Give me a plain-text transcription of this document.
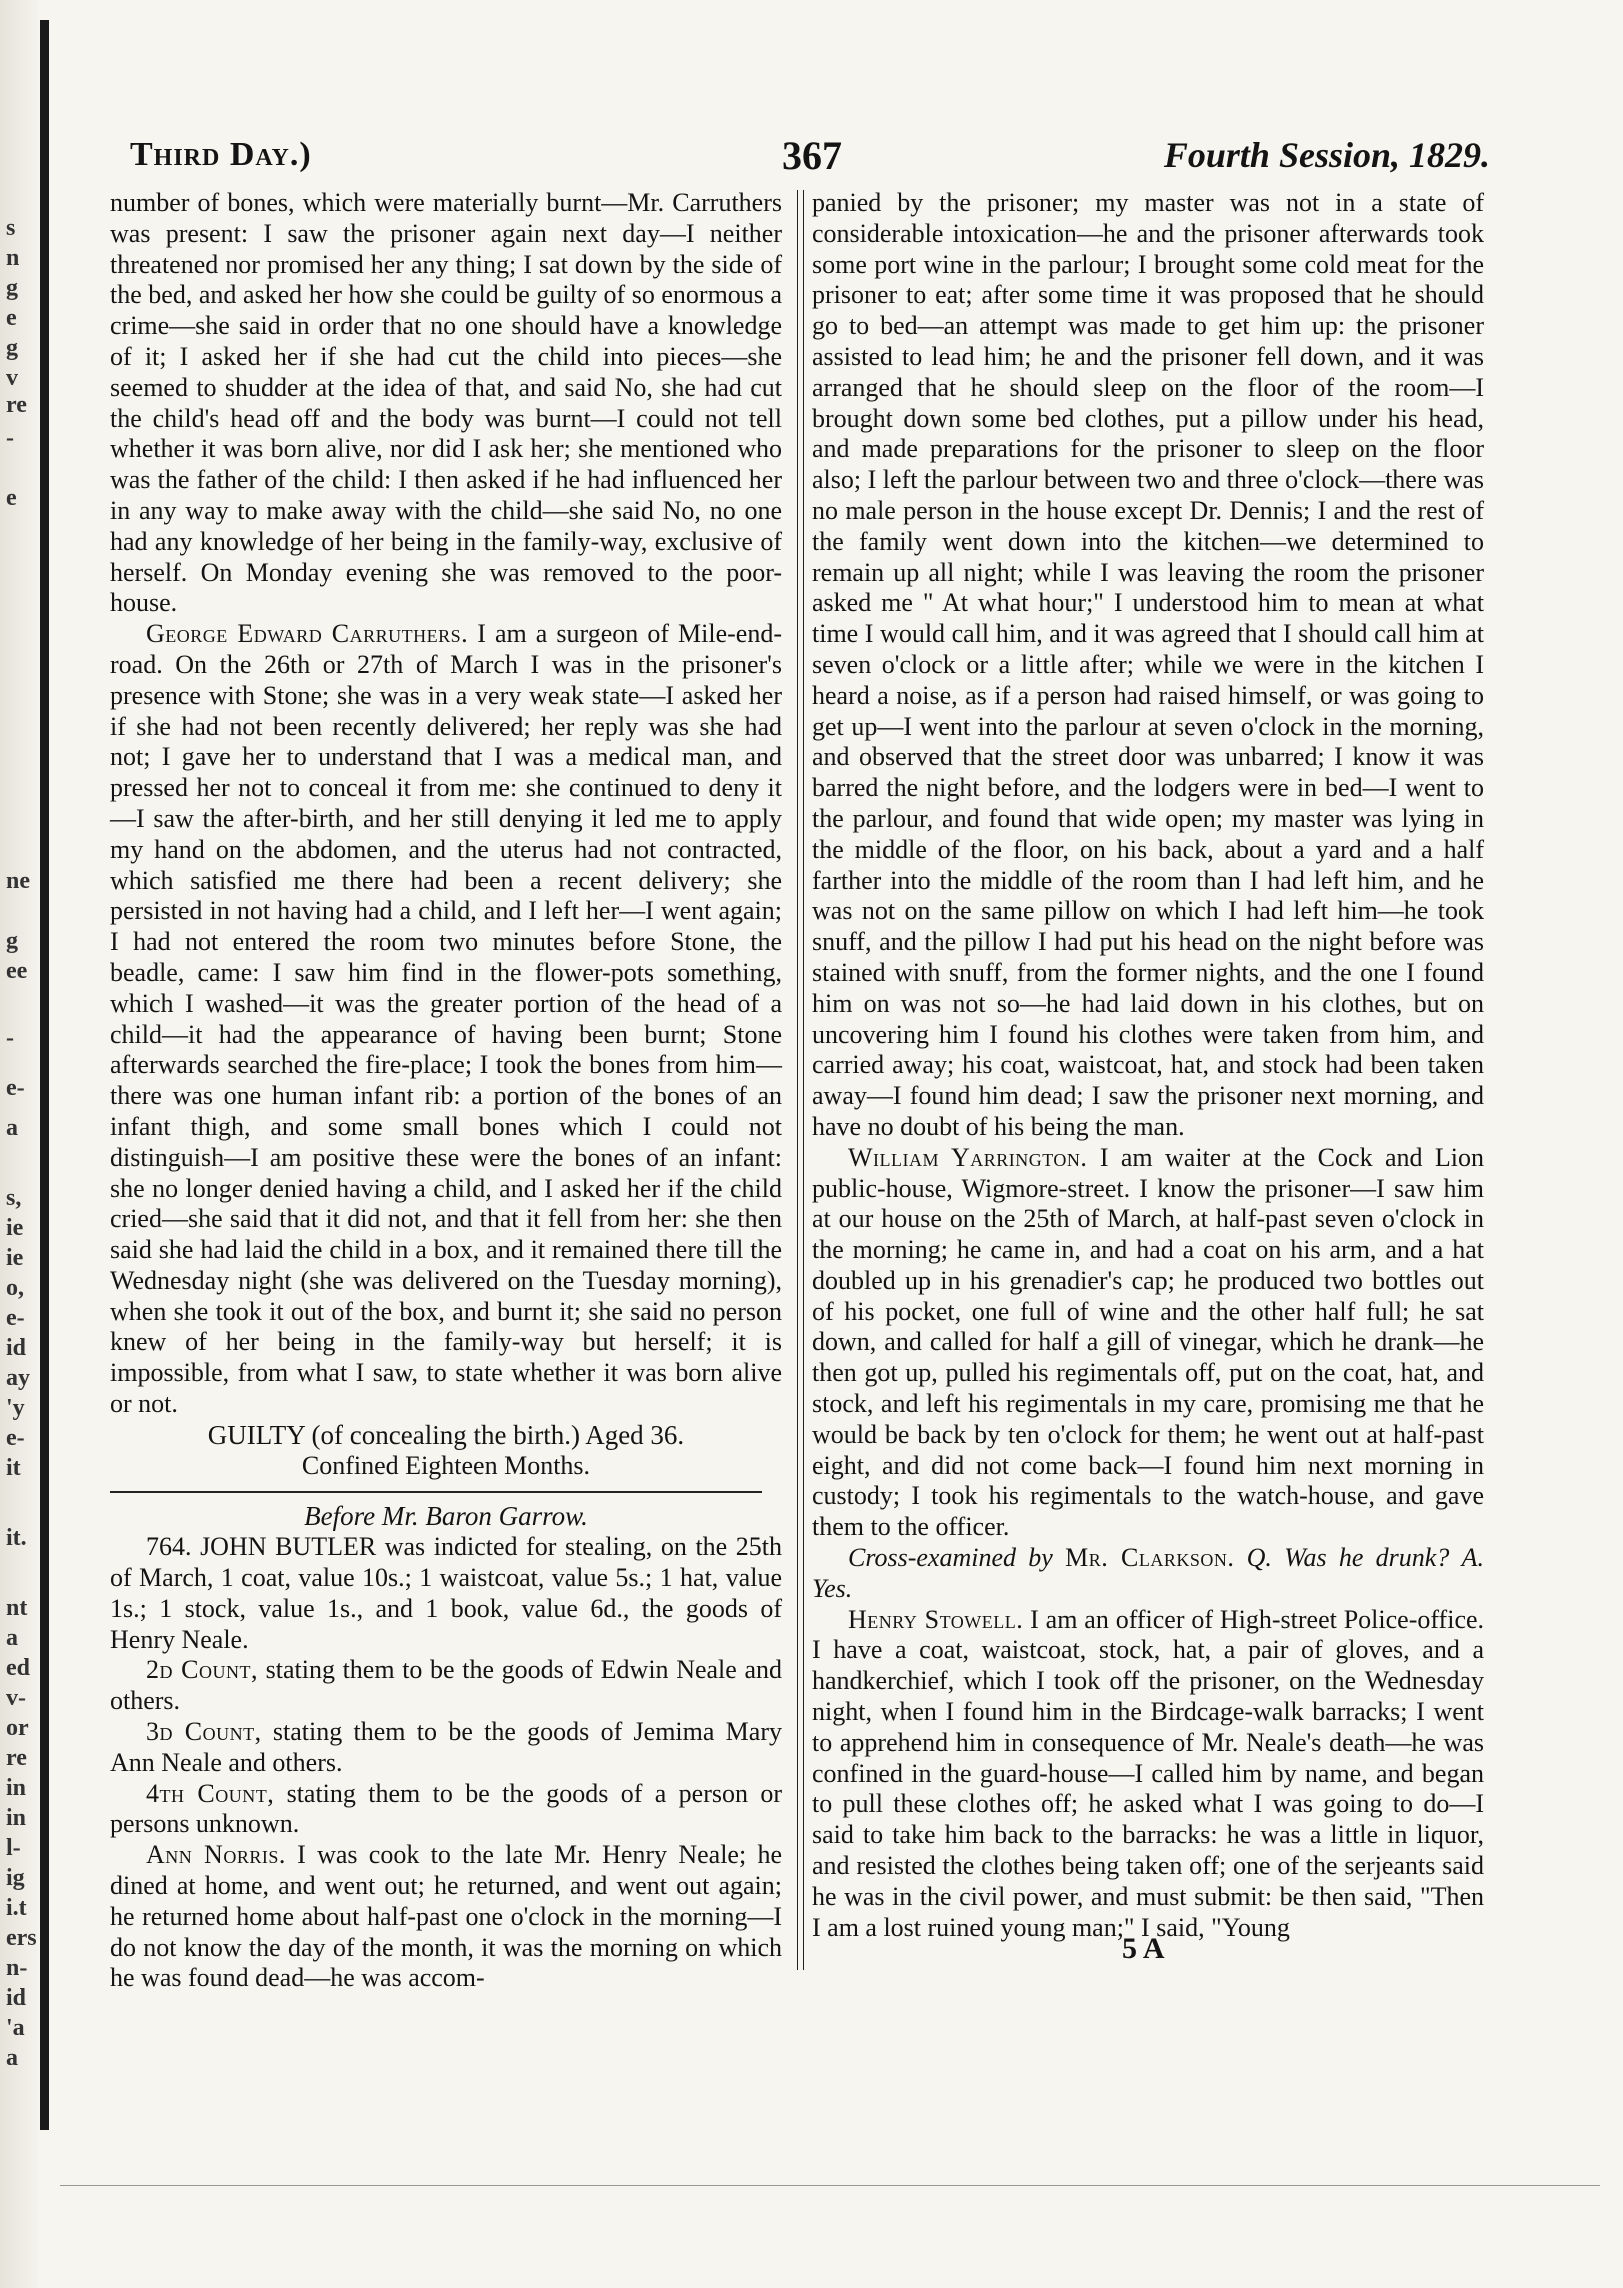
s
n
g
e
g
v
re
-
e
ne
g
ee
-
e-
a
s,
ie
ie
o,
e-
id
ay
'y
e-
it
it.
nt
a
ed
v-
or
re
in
in
l-
ig
i.t
ers
n-
id
'a
a
Third Day.)	367	Fourth Session, 1829.

number of bones, which were materially burnt—Mr. Carruthers was present: I saw the prisoner again next day—I neither threatened nor promised her any thing; I sat down by the side of the bed, and asked her how she could be guilty of so enormous a crime—she said in order that no one should have a knowledge of it; I asked her if she had cut the child into pieces—she seemed to shudder at the idea of that, and said No, she had cut the child's head off and the body was burnt—I could not tell whether it was born alive, nor did I ask her; she mentioned who was the father of the child: I then asked if he had influenced her in any way to make away with the child—she said No, no one had any knowledge of her being in the family-way, exclusive of herself. On Monday evening she was removed to the poor-house.

George Edward Carruthers. I am a surgeon of Mile-end-road. On the 26th or 27th of March I was in the prisoner's presence with Stone; she was in a very weak state—I asked her if she had not been recently delivered; her reply was she had not; I gave her to understand that I was a medical man, and pressed her not to conceal it from me: she continued to deny it—I saw the after-birth, and her still denying it led me to apply my hand on the abdomen, and the uterus had not contracted, which satisfied me there had been a recent delivery; she persisted in not having had a child, and I left her—I went again; I had not entered the room two minutes before Stone, the beadle, came: I saw him find in the flower-pots something, which I washed—it was the greater portion of the head of a child—it had the appearance of having been burnt; Stone afterwards searched the fire-place; I took the bones from him—there was one human infant rib: a portion of the bones of an infant thigh, and some small bones which I could not distinguish—I am positive these were the bones of an infant: she no longer denied having a child, and I asked her if the child cried—she said that it did not, and that it fell from her: she then said she had laid the child in a box, and it remained there till the Wednesday night (she was delivered on the Tuesday morning), when she took it out of the box, and burnt it; she said no person knew of her being in the family-way but herself; it is impossible, from what I saw, to state whether it was born alive or not.

GUILTY (of concealing the birth.) Aged 36.

Confined Eighteen Months.

Before Mr. Baron Garrow.

764. JOHN BUTLER was indicted for stealing, on the 25th of March, 1 coat, value 10s.; 1 waistcoat, value 5s.; 1 hat, value 1s.; 1 stock, value 1s., and 1 book, value 6d., the goods of Henry Neale.

2d Count, stating them to be the goods of Edwin Neale and others.

3d Count, stating them to be the goods of Jemima Mary Ann Neale and others.

4th Count, stating them to be the goods of a person or persons unknown.

Ann Norris. I was cook to the late Mr. Henry Neale; he dined at home, and went out; he returned, and went out again; he returned home about half-past one o'clock in the morning—I do not know the day of the month, it was the morning on which he was found dead—he was accom-

panied by the prisoner; my master was not in a state of considerable intoxication—he and the prisoner afterwards took some port wine in the parlour; I brought some cold meat for the prisoner to eat; after some time it was proposed that he should go to bed—an attempt was made to get him up: the prisoner assisted to lead him; he and the prisoner fell down, and it was arranged that he should sleep on the floor of the room—I brought down some bed clothes, put a pillow under his head, and made preparations for the prisoner to sleep on the floor also; I left the parlour between two and three o'clock—there was no male person in the house except Dr. Dennis; I and the rest of the family went down into the kitchen—we determined to remain up all night; while I was leaving the room the prisoner asked me " At what hour;" I understood him to mean at what time I would call him, and it was agreed that I should call him at seven o'clock or a little after; while we were in the kitchen I heard a noise, as if a person had raised himself, or was going to get up—I went into the parlour at seven o'clock in the morning, and observed that the street door was unbarred; I know it was barred the night before, and the lodgers were in bed—I went to the parlour, and found that wide open; my master was lying in the middle of the floor, on his back, about a yard and a half farther into the middle of the room than I had left him, and he was not on the same pillow on which I had left him—he took snuff, and the pillow I had put his head on the night before was stained with snuff, from the former nights, and the one I found him on was not so—he had laid down in his clothes, but on uncovering him I found his clothes were taken from him, and carried away; his coat, waistcoat, hat, and stock had been taken away—I found him dead; I saw the prisoner next morning, and have no doubt of his being the man.

William Yarrington. I am waiter at the Cock and Lion public-house, Wigmore-street. I know the prisoner—I saw him at our house on the 25th of March, at half-past seven o'clock in the morning; he came in, and had a coat on his arm, and a hat doubled up in his grenadier's cap; he produced two bottles out of his pocket, one full of wine and the other half full; he sat down, and called for half a gill of vinegar, which he drank—he then got up, pulled his regimentals off, put on the coat, hat, and stock, and left his regimentals in my care, promising me that he would be back by ten o'clock for them; he went out at half-past eight, and did not come back—I found him next morning in custody; I took his regimentals to the watch-house, and gave them to the officer.

Cross-examined by Mr. Clarkson. Q. Was he drunk? A. Yes.

Henry Stowell. I am an officer of High-street Police-office. I have a coat, waistcoat, stock, hat, a pair of gloves, and a handkerchief, which I took off the prisoner, on the Wednesday night, when I found him in the Birdcage-walk barracks; I went to apprehend him in consequence of Mr. Neale's death—he was confined in the guard-house—I called him by name, and began to pull these clothes off; he asked what I was going to do—I said to take him back to the barracks: he was a little in liquor, and resisted the clothes being taken off; one of the serjeants said he was in the civil power, and must submit: be then said, "Then I am a lost ruined young man;" I said, "Young

5 A
